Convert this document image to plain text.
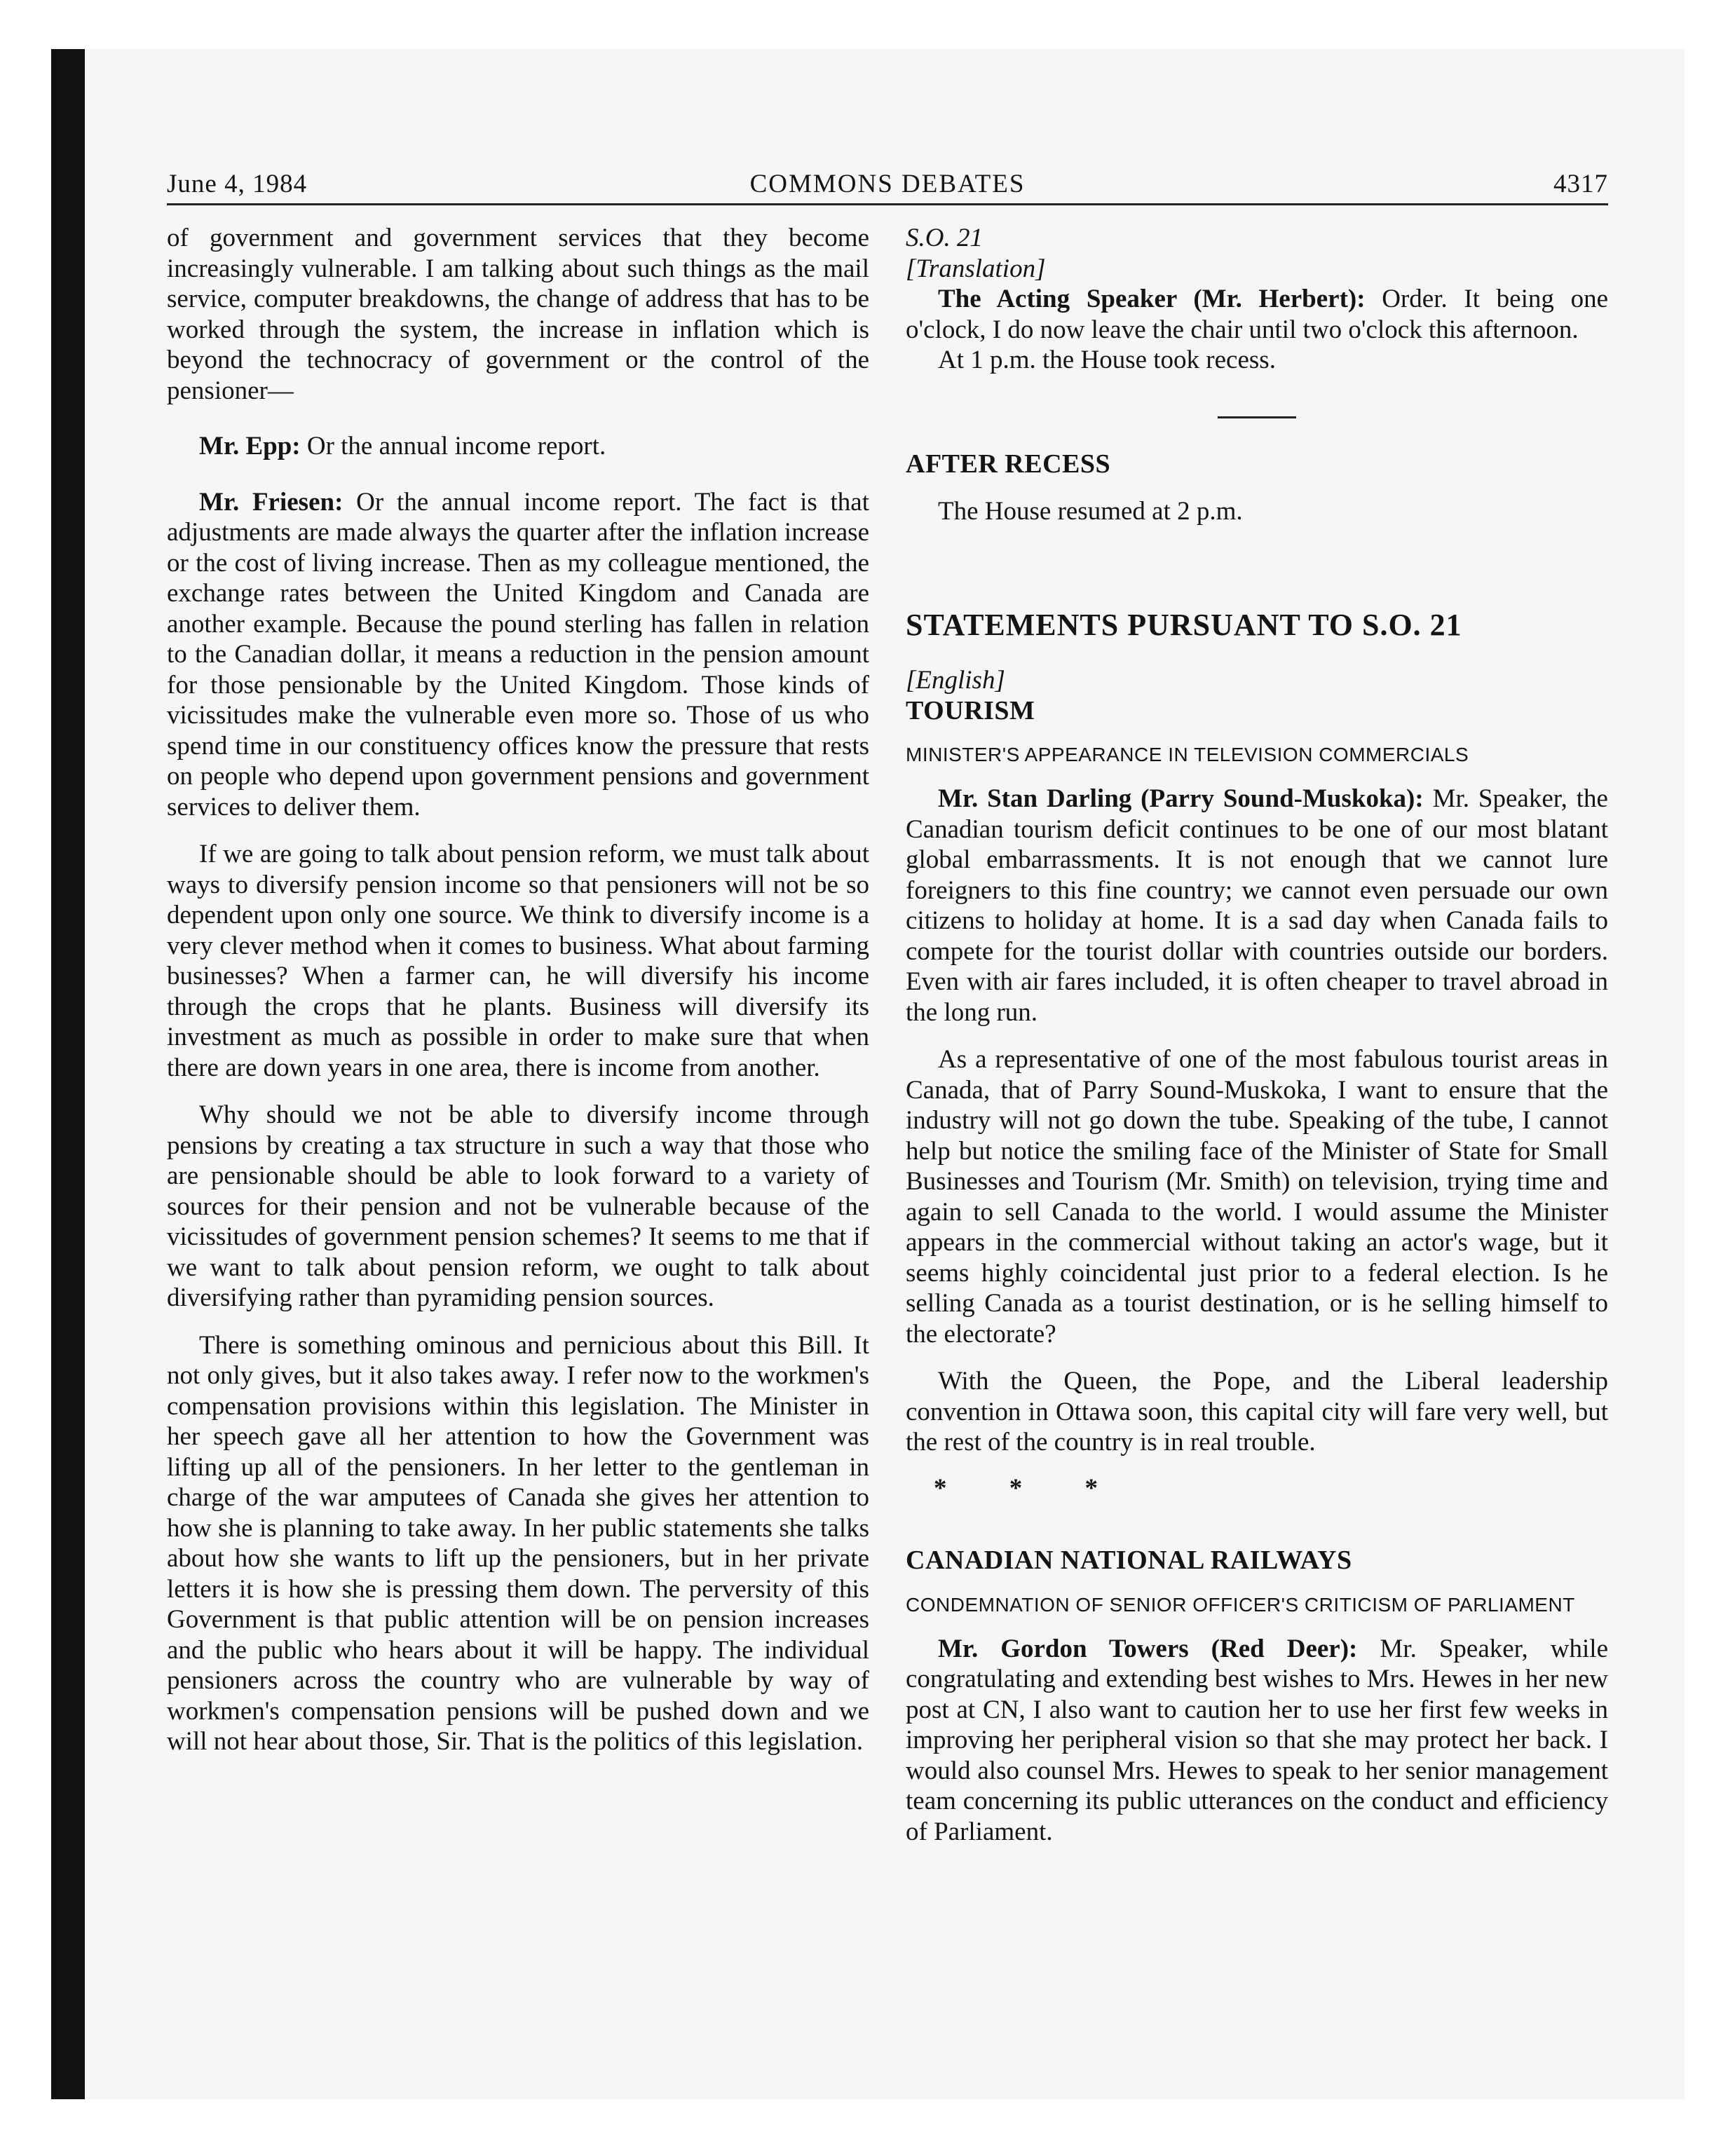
June 4, 1984	COMMONS DEBATES	4317

of government and government services that they become increasingly vulnerable. I am talking about such things as the mail service, computer breakdowns, the change of address that has to be worked through the system, the increase in inflation which is beyond the technocracy of government or the control of the pensioner—

Mr. Epp: Or the annual income report.

Mr. Friesen: Or the annual income report. The fact is that adjustments are made always the quarter after the inflation increase or the cost of living increase. Then as my colleague mentioned, the exchange rates between the United Kingdom and Canada are another example. Because the pound sterling has fallen in relation to the Canadian dollar, it means a reduction in the pension amount for those pensionable by the United Kingdom. Those kinds of vicissitudes make the vulnerable even more so. Those of us who spend time in our constituency offices know the pressure that rests on people who depend upon government pensions and government services to deliver them.

If we are going to talk about pension reform, we must talk about ways to diversify pension income so that pensioners will not be so dependent upon only one source. We think to diversify income is a very clever method when it comes to business. What about farming businesses? When a farmer can, he will diversify his income through the crops that he plants. Business will diversify its investment as much as possible in order to make sure that when there are down years in one area, there is income from another.

Why should we not be able to diversify income through pensions by creating a tax structure in such a way that those who are pensionable should be able to look forward to a variety of sources for their pension and not be vulnerable because of the vicissitudes of government pension schemes? It seems to me that if we want to talk about pension reform, we ought to talk about diversifying rather than pyramiding pension sources.

There is something ominous and pernicious about this Bill. It not only gives, but it also takes away. I refer now to the workmen's compensation provisions within this legislation. The Minister in her speech gave all her attention to how the Government was lifting up all of the pensioners. In her letter to the gentleman in charge of the war amputees of Canada she gives her attention to how she is planning to take away. In her public statements she talks about how she wants to lift up the pensioners, but in her private letters it is how she is pressing them down. The perversity of this Government is that public attention will be on pension increases and the public who hears about it will be happy. The individual pensioners across the country who are vulnerable by way of workmen's compensation pensions will be pushed down and we will not hear about those, Sir. That is the politics of this legislation.

S.O. 21

[Translation]

The Acting Speaker (Mr. Herbert): Order. It being one o'clock, I do now leave the chair until two o'clock this afternoon.

At 1 p.m. the House took recess.

AFTER RECESS

The House resumed at 2 p.m.

STATEMENTS PURSUANT TO S.O. 21

[English]

TOURISM

MINISTER'S APPEARANCE IN TELEVISION COMMERCIALS

Mr. Stan Darling (Parry Sound-Muskoka): Mr. Speaker, the Canadian tourism deficit continues to be one of our most blatant global embarrassments. It is not enough that we cannot lure foreigners to this fine country; we cannot even persuade our own citizens to holiday at home. It is a sad day when Canada fails to compete for the tourist dollar with countries outside our borders. Even with air fares included, it is often cheaper to travel abroad in the long run.

As a representative of one of the most fabulous tourist areas in Canada, that of Parry Sound-Muskoka, I want to ensure that the industry will not go down the tube. Speaking of the tube, I cannot help but notice the smiling face of the Minister of State for Small Businesses and Tourism (Mr. Smith) on television, trying time and again to sell Canada to the world. I would assume the Minister appears in the commercial without taking an actor's wage, but it seems highly coincidental just prior to a federal election. Is he selling Canada as a tourist destination, or is he selling himself to the electorate?

With the Queen, the Pope, and the Liberal leadership convention in Ottawa soon, this capital city will fare very well, but the rest of the country is in real trouble.

* * *

CANADIAN NATIONAL RAILWAYS

CONDEMNATION OF SENIOR OFFICER'S CRITICISM OF PARLIAMENT

Mr. Gordon Towers (Red Deer): Mr. Speaker, while congratulating and extending best wishes to Mrs. Hewes in her new post at CN, I also want to caution her to use her first few weeks in improving her peripheral vision so that she may protect her back. I would also counsel Mrs. Hewes to speak to her senior management team concerning its public utterances on the conduct and efficiency of Parliament.
